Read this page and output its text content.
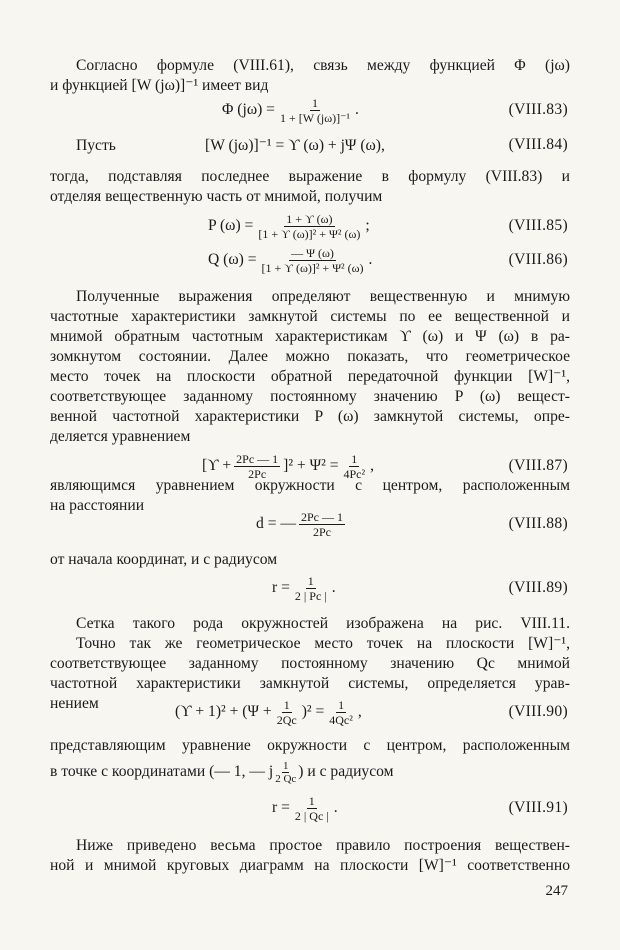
Согласно формуле (VIII.61), связь между функцией Φ (jω)
и функцией [W (jω)]⁻¹ имеет вид
Φ $(j\omega) = \frac{1}{\text{1 + [W (jω)]⁻¹}}$ .	(VIII.83)
Пусть	[W (jω)]⁻¹ = ϒ (ω) + jΨ (ω),	(VIII.84)
тогда, подставляя последнее выражение в формулу (VIII.83) и
отделяя вещественную часть от мнимой, получим
P $(\omega) = \frac{1 + ϒ (\omega)}{\text{[1 + ϒ (ω)]² + Ψ² (ω)}}$ ;	(VIII.85)
Q $(\omega) = \frac{— \Psi (\omega)}{\text{[1 + ϒ (ω)]² + Ψ² (ω)}}$ .	(VIII.86)
Полученные выражения определяют вещественную и мнимую
частотные характеристики замкнутой системы по ее вещественной и
мнимой обратным частотным характеристикам ϒ (ω) и Ψ (ω) в ра-
зомкнутом состоянии. Далее можно показать, что геометрическое
место точек на плоскости обратной передаточной функции [W]⁻¹,
соответствующее заданному постоянному значению P (ω) вещест-
венной частотной характеристики P (ω) замкнутой системы, опре-
деляется уравнением
$[ϒ + \frac{2Pc — 1}{2Pc} ]^2 + \Psi^2 = \frac{1}{\text{4Pc²}}$ ,	(VIII.87)
являющимся уравнением окружности с центром, расположенным
на расстоянии
d = — $\frac{2Pc — 1}{2Pc}$	(VIII.88)
от начала координат, и с радиусом
$r = \frac{1}{2 | Pc |}$ .	(VIII.89)
Сетка такого рода окружностей изображена на рис. VIII.11.
Точно так же геометрическое место точек на плоскости [W]⁻¹,
соответствующее заданному постоянному значению Qc мнимой
частотной характеристики замкнутой системы, определяется урав-
нением	$(ϒ + 1)^2 + (\Psi + \frac{1}{2Qc} )^2 = \frac{1}{\text{4Qc²}}$ ,	(VIII.90)
представляющим уравнение окружности с центром, расположенным
в точке с координатами (— 1, — j $\frac{1}{2 Qc}$ ) и с радиусом
$r = \frac{1}{2 | Qc |}$ .	(VIII.91)
Ниже приведено весьма простое правило построения веществен-
ной и мнимой круговых диаграмм на плоскости [W]⁻¹ соответственно
247
